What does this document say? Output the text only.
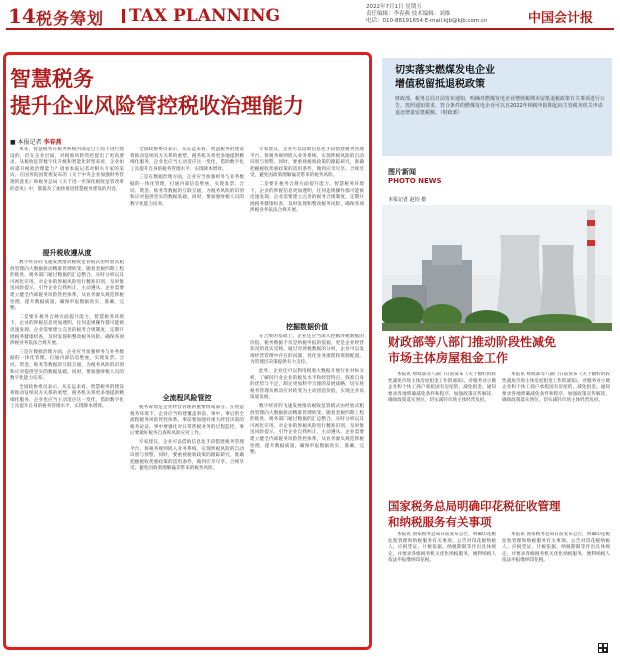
14 税务筹划	TAX PLANNING	2022年7月1日 星期五
责任编辑：李春燕 技术编辑：刘维
电话：010-88191654 E-mail:kjb@kjb.com.cn	中国会计报
智慧税务
提升企业风险管控税收治理能力
■ 本报记者 李春燕

本来，智慧税务在税务系统内部是自上而下进行建设的，但在企业层面，对税收风险管控提出了更高要求。从税收征管数字化升级和智能化转型来看，企业如何提升税收治理能力？请看本报记者对相关专家的采访。在国务院国资委发布的《关于中央企业加强财务管理的意见》和税务总局《关于进一步深化税收征管改革的意见》中，都提及了加快推进智慧税务建设的内容。

提升税收遵从度

数字经济的飞速发展推动税收征管模式由经验式粗放管理向大数据驱动精准管理转变。随着金税四期工程的推进，税务部门通过数据的汇总整合、实时分析以及可视化应用，对企业的涉税风险进行精准识别，及时推送风险提示，引导企业自我纠正、主动遵从。企业需要建立健全内部税务风险管控体系，从业务源头规范涉税处理，提升数据质量，确保申报数据真实、准确、完整。

二是要在税务合规方面提升能力。智慧税务环境下，企业的涉税信息更加透明，任何违规操作都可能被迅速发现。企业需要建立完善的税务合规制度，定期开展税务健康检查，及时发现和整改税务风险，确保各项涉税业务依法合规开展。

三是在数据治理方面，企业应当加强财务与业务数据的一体化管理，打通内部信息壁垒，实现发票、合同、资金、账务等数据的互联互通，为税务风险的识别和应对提供坚实的数据基础。同时，要加强财税人员的数字化能力培养。

全国政协委员表示，从长远来看，智慧税务的建设将推动征纳双方关系的重塑，税务机关将更多地提供精细化服务，企业也应当主动适应这一变化，借助数字化工具提升自身的税务管理水平，实现降本增效。

全国政协委员表示，从长远来看，智慧税务的建设将推动征纳双方关系的重塑，税务机关将更多地提供精细化服务，企业也应当主动适应这一变化，借助数字化工具提升自身的税务管理水平，实现降本增效。

三是在数据治理方面，企业应当加强财务与业务数据的一体化管理，打通内部信息壁垒，实现发票、合同、资金、账务等数据的互联互通，为税务风险的识别和应对提供坚实的数据基础。同时，要加强财税人员的数字化能力培养。

全流程风险管控

税务筹划是企业经营管理的重要组成部分。在智慧税务环境下，企业应当构建覆盖事前、事中、事后的全流程税务风险管控体系。事前要加强对重大经营决策的税务论证，事中要强化对日常涉税业务的过程监控，事后要做好税务自查和风险应对工作。

专家建议，企业可以借助信息化手段搭建税务管理平台，将税务规则嵌入业务系统，实现涉税风险的自动识别与预警。同时，要重视税收政策的跟踪研究，准确把握税收优惠政策的适用条件，做到应享尽享、合规享受，避免因政策理解偏差带来的税务风险。

专家建议，企业可以借助信息化手段搭建税务管理平台，将税务规则嵌入业务系统，实现涉税风险的自动识别与预警。同时，要重视税收政策的跟踪研究，准确把握税收优惠政策的适用条件，做到应享尽享、合规享受，避免因政策理解偏差带来的税务风险。

二是要在税务合规方面提升能力。智慧税务环境下，企业的涉税信息更加透明，任何违规操作都可能被迅速发现。企业需要建立完善的税务合规制度，定期开展税务健康检查，及时发现和整改税务风险，确保各项涉税业务依法合规开展。

挖掘数据价值

在合规的基础上，企业还应当深入挖掘涉税数据的价值。税务数据不仅是纳税申报的依据，更是企业经营状况的真实反映。通过对涉税数据的分析，企业可以发现经营管理中存在的问题，优化业务流程和资源配置，为管理层决策提供有力支持。

此外，企业还可以利用税收大数据开展行业对标分析，了解同行业企业的税负水平和经营特点，找准自身的优势与不足，制定更加科学合理的发展战略，切实将税务管理从被动应对转变为主动创造价值，实现企业高质量发展。

数字经济的飞速发展推动税收征管模式由经验式粗放管理向大数据驱动精准管理转变。随着金税四期工程的推进，税务部门通过数据的汇总整合、实时分析以及可视化应用，对企业的涉税风险进行精准识别，及时推送风险提示，引导企业自我纠正、主动遵从。企业需要建立健全内部税务风险管控体系，从业务源头规范涉税处理，提升数据质量，确保申报数据真实、准确、完整。

切实落实燃煤发电企业
增值税留抵退税政策
财政部、税务总局日前发布通知，明确对燃煤发电企业增值税期末留抵退税政策有关事项进行公告。按照通知要求，符合条件的燃煤发电企业可以自2022年纳税申报期起向主管税务机关申请退还增量留抵税额。（财政部）
图片新闻
PHOTO NEWS
本报记者 赵钧 摄
财政部等八部门推动阶段性减免
市场主体房屋租金工作

本报讯 财政部等八部门日前发布《关于做好阶段性减免市场主体房屋租金工作的通知》，对服务业小微企业和个体工商户承租国有房屋的，减免租金。通知要求各地明确减免条件和程序，加强政策宣传解读，确保政策落实到位，切实减轻市场主体经营负担。

本报讯 财政部等八部门日前发布《关于做好阶段性减免市场主体房屋租金工作的通知》，对服务业小微企业和个体工商户承租国有房屋的，减免租金。通知要求各地明确减免条件和程序，加强政策宣传解读，确保政策落实到位，切实减轻市场主体经营负担。

国家税务总局明确印花税征收管理
和纳税服务有关事项

本报讯 国家税务总局日前发布公告，明确印花税征收管理和纳税服务有关事项。公告对印花税纳税人、应税凭证、计税依据、纳税期限等作出具体规定，并要求各级税务机关优化纳税服务，便利纳税人依法申报缴纳印花税。

本报讯 国家税务总局日前发布公告，明确印花税征收管理和纳税服务有关事项。公告对印花税纳税人、应税凭证、计税依据、纳税期限等作出具体规定，并要求各级税务机关优化纳税服务，便利纳税人依法申报缴纳印花税。
